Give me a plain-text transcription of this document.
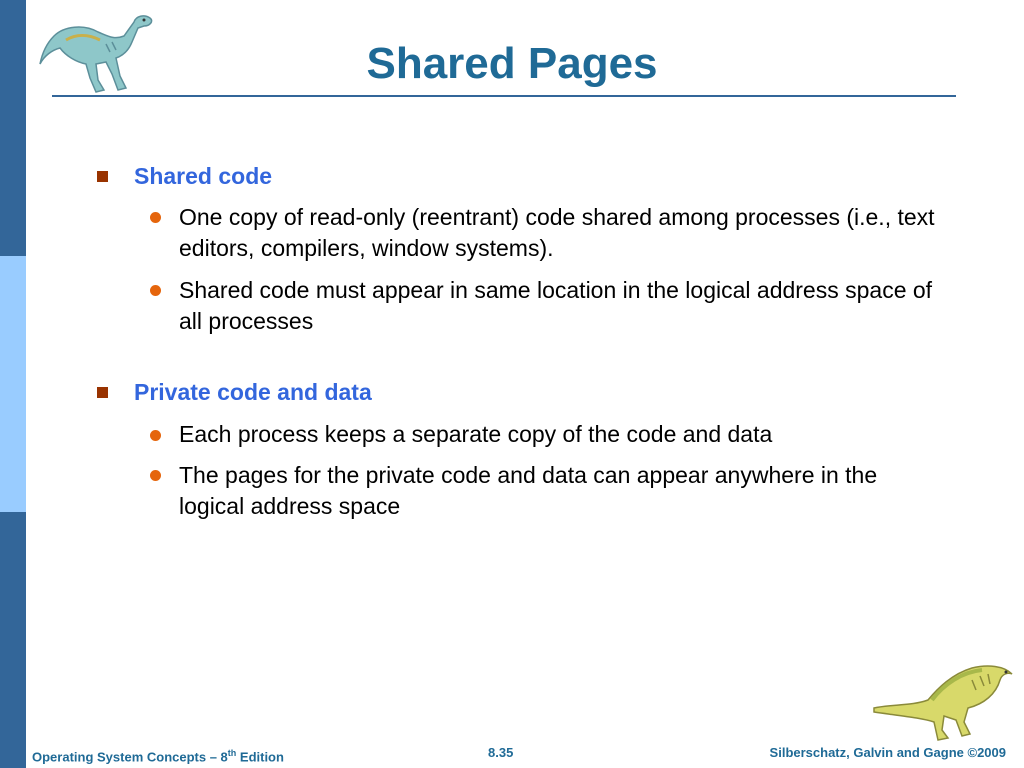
Shared Pages
Shared code
One copy of read-only (reentrant) code shared among processes (i.e., text editors, compilers, window systems).
Shared code must appear in same location in the logical address space of all processes
Private code and data
Each process keeps a separate copy of the code and data
The pages for the private code and data can appear anywhere in the logical address space
Operating System Concepts – 8th Edition	8.35	Silberschatz, Galvin and Gagne ©2009
